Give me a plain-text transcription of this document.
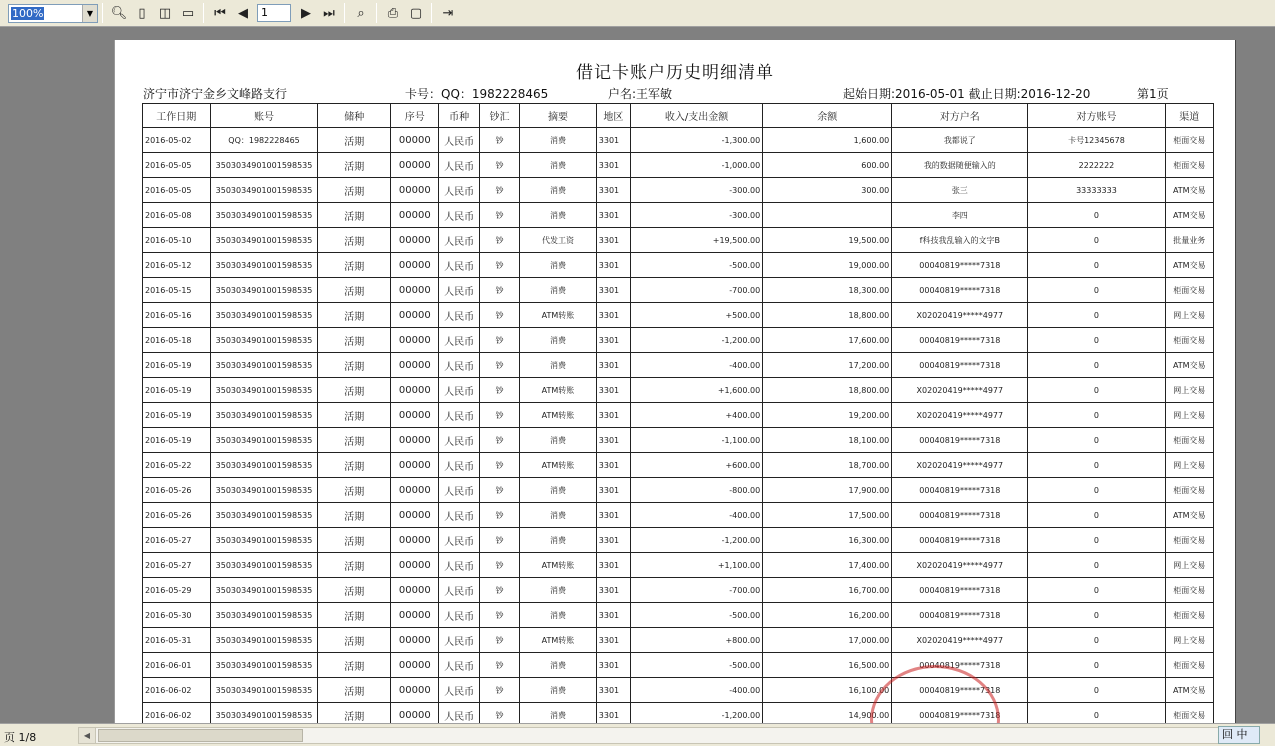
100%	▼	🔍︎ ▯	◫ ▭	⏮ ◀	1	▶ ⏭	⌕	⎙ ▢	⇥
借记卡账户历史明细清单
济宁市济宁金乡文峰路支行	卡号：QQ：1982228465	户名:王军敏	起始日期:2016-05-01 截止日期:2016-12-20	第1页
工作日期	账号	储种	序号	币种	钞汇	摘要	地区	收入/支出金额	余额	对方户名	对方账号	渠道
2016-05-02	QQ：1982228465	活期	00000	人民币	钞	消费	3301	-1,300.00	1,600.00	我都说了	卡号12345678	柜面交易
2016-05-05	3503034901001598535	活期	00000	人民币	钞	消费	3301	-1,000.00	600.00	我的数据随便输入的	2222222	柜面交易
2016-05-05	3503034901001598535	活期	00000	人民币	钞	消费	3301	-300.00	300.00	张三	33333333	ATM交易
2016-05-08	3503034901001598535	活期	00000	人民币	钞	消费	3301	-300.00		李四	0	ATM交易
2016-05-10	3503034901001598535	活期	00000	人民币	钞	代发工资	3301	+19,500.00	19,500.00	f科技我乱输入的文字B	0	批量业务
2016-05-12	3503034901001598535	活期	00000	人民币	钞	消费	3301	-500.00	19,000.00	00040819*****7318	0	ATM交易
2016-05-15	3503034901001598535	活期	00000	人民币	钞	消费	3301	-700.00	18,300.00	00040819*****7318	0	柜面交易
2016-05-16	3503034901001598535	活期	00000	人民币	钞	ATM转账	3301	+500.00	18,800.00	X02020419*****4977	0	网上交易
2016-05-18	3503034901001598535	活期	00000	人民币	钞	消费	3301	-1,200.00	17,600.00	00040819*****7318	0	柜面交易
2016-05-19	3503034901001598535	活期	00000	人民币	钞	消费	3301	-400.00	17,200.00	00040819*****7318	0	ATM交易
2016-05-19	3503034901001598535	活期	00000	人民币	钞	ATM转账	3301	+1,600.00	18,800.00	X02020419*****4977	0	网上交易
2016-05-19	3503034901001598535	活期	00000	人民币	钞	ATM转账	3301	+400.00	19,200.00	X02020419*****4977	0	网上交易
2016-05-19	3503034901001598535	活期	00000	人民币	钞	消费	3301	-1,100.00	18,100.00	00040819*****7318	0	柜面交易
2016-05-22	3503034901001598535	活期	00000	人民币	钞	ATM转账	3301	+600.00	18,700.00	X02020419*****4977	0	网上交易
2016-05-26	3503034901001598535	活期	00000	人民币	钞	消费	3301	-800.00	17,900.00	00040819*****7318	0	柜面交易
2016-05-26	3503034901001598535	活期	00000	人民币	钞	消费	3301	-400.00	17,500.00	00040819*****7318	0	ATM交易
2016-05-27	3503034901001598535	活期	00000	人民币	钞	消费	3301	-1,200.00	16,300.00	00040819*****7318	0	柜面交易
2016-05-27	3503034901001598535	活期	00000	人民币	钞	ATM转账	3301	+1,100.00	17,400.00	X02020419*****4977	0	网上交易
2016-05-29	3503034901001598535	活期	00000	人民币	钞	消费	3301	-700.00	16,700.00	00040819*****7318	0	柜面交易
2016-05-30	3503034901001598535	活期	00000	人民币	钞	消费	3301	-500.00	16,200.00	00040819*****7318	0	柜面交易
2016-05-31	3503034901001598535	活期	00000	人民币	钞	ATM转账	3301	+800.00	17,000.00	X02020419*****4977	0	网上交易
2016-06-01	3503034901001598535	活期	00000	人民币	钞	消费	3301	-500.00	16,500.00	00040819*****7318	0	柜面交易
2016-06-02	3503034901001598535	活期	00000	人民币	钞	消费	3301	-400.00	16,100.00	00040819*****7318	0	ATM交易
2016-06-02	3503034901001598535	活期	00000	人民币	钞	消费	3301	-1,200.00	14,900.00	00040819*****7318	0	柜面交易
页 1/8	◀	回 中
